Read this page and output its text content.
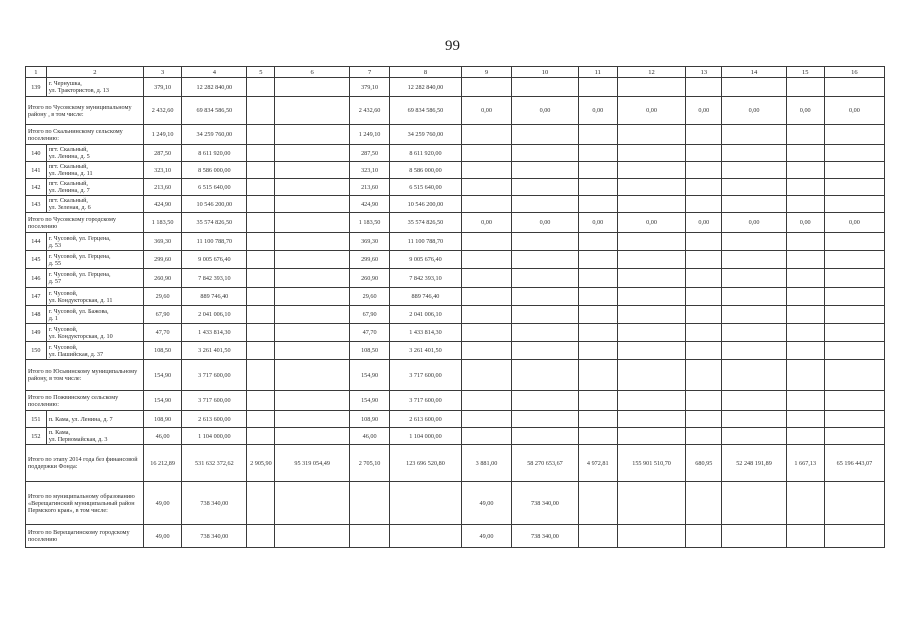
99
1	2	3	4	5	6	7	8	9	10	11	12	13	14	15	16
139	г. Чернушка,
ул. Трактористов, д. 13	379,10	12 282 840,00			379,10	12 282 840,00								
Итого по Чусовскому муниципальному району , в том числе:		2 432,60	69 834 586,50			2 432,60	69 834 586,50	0,00	0,00	0,00	0,00	0,00	0,00	0,00	0,00
Итого по Скальнинскому сельскому поселению:		1 249,10	34 259 760,00			1 249,10	34 259 760,00								
140	пгт. Скальный,
ул. Ленина, д. 5	287,50	8 611 920,00			287,50	8 611 920,00								
141	пгт. Скальный,
ул. Ленина, д. 11	323,10	8 586 000,00			323,10	8 586 000,00								
142	пгт. Скальный,
ул. Ленина, д. 7	213,60	6 515 640,00			213,60	6 515 640,00								
143	пгт. Скальный,
ул. Зеленая, д. 6	424,90	10 546 200,00			424,90	10 546 200,00								
Итого по Чусовскому городскому поселению		1 183,50	35 574 826,50			1 183,50	35 574 826,50	0,00	0,00	0,00	0,00	0,00	0,00	0,00	0,00
144	г. Чусовой, ул. Герцена,
д. 53	369,30	11 100 788,70			369,30	11 100 788,70								
145	г. Чусовой, ул. Герцена,
д. 55	299,60	9 005 676,40			299,60	9 005 676,40								
146	г. Чусовой, ул. Герцена,
д. 57	260,90	7 842 393,10			260,90	7 842 393,10								
147	г. Чусовой,
ул. Кондукторская, д. 11	29,60	889 746,40			29,60	889 746,40								
148	г. Чусовой, ул. Бажова,
д. 1	67,90	2 041 006,10			67,90	2 041 006,10								
149	г. Чусовой,
ул. Кондукторская, д. 10	47,70	1 433 814,30			47,70	1 433 814,30								
150	г. Чусовой,
ул. Пашийская, д. 37	108,50	3 261 401,50			108,50	3 261 401,50								
Итого по Юсьвинскому муниципальному району, в том числе:		154,90	3 717 600,00			154,90	3 717 600,00								
Итого по Пожвинскому сельскому поселению:		154,90	3 717 600,00			154,90	3 717 600,00								
151	п. Кама, ул. Ленина, д. 7	108,90	2 613 600,00			108,90	2 613 600,00								
152	п. Кама,
ул. Первомайская, д. 3	46,00	1 104 000,00			46,00	1 104 000,00								
Итого по этапу 2014 года без финансовой поддержки Фонда:		16 212,89	531 632 372,62	2 905,90	95 319 054,49	2 705,10	123 696 520,80	3 881,00	58 270 653,67	4 972,81	155 901 510,70	680,95	52 248 191,89	1 667,13	65 196 443,07
Итого по муниципальному образованию «Верещагинский муниципальный район Пермского края», в том числе:		49,00	738 340,00					49,00	738 340,00						
Итого по Верещагинскому городскому поселению		49,00	738 340,00					49,00	738 340,00						
